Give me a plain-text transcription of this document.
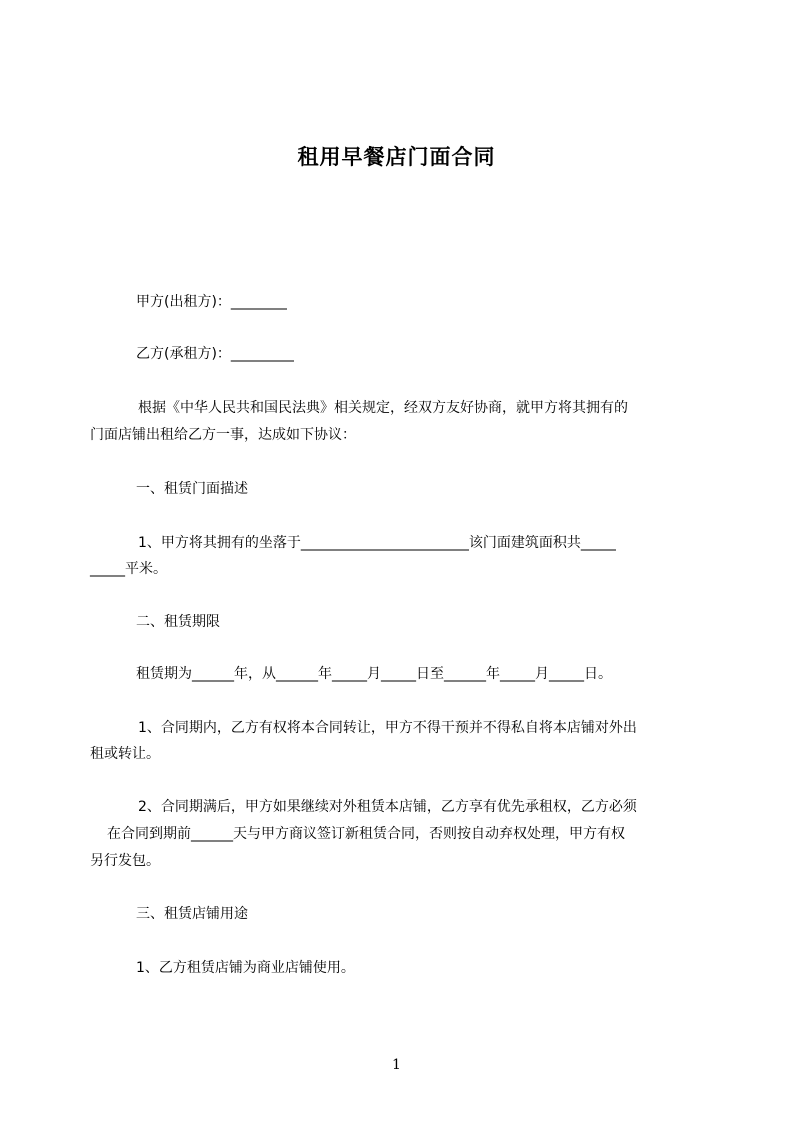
租用早餐店门面合同
甲方(出租方)：________
乙方(承租方)：_________
根据《中华人民共和国民法典》相关规定，经双方友好协商，就甲方将其拥有的
门面店铺出租给乙方一事，达成如下协议：
一、租赁门面描述
1、甲方将其拥有的坐落于________________________该门面建筑面积共_____
_____平米。
二、租赁期限
租赁期为______年，从______年_____月_____日至______年_____月_____日。
1、合同期内，乙方有权将本合同转让，甲方不得干预并不得私自将本店铺对外出
租或转让。
2、合同期满后，甲方如果继续对外租赁本店铺，乙方享有优先承租权，乙方必须
在合同到期前______天与甲方商议签订新租赁合同，否则按自动弃权处理，甲方有权
另行发包。
三、租赁店铺用途
1、乙方租赁店铺为商业店铺使用。
1
